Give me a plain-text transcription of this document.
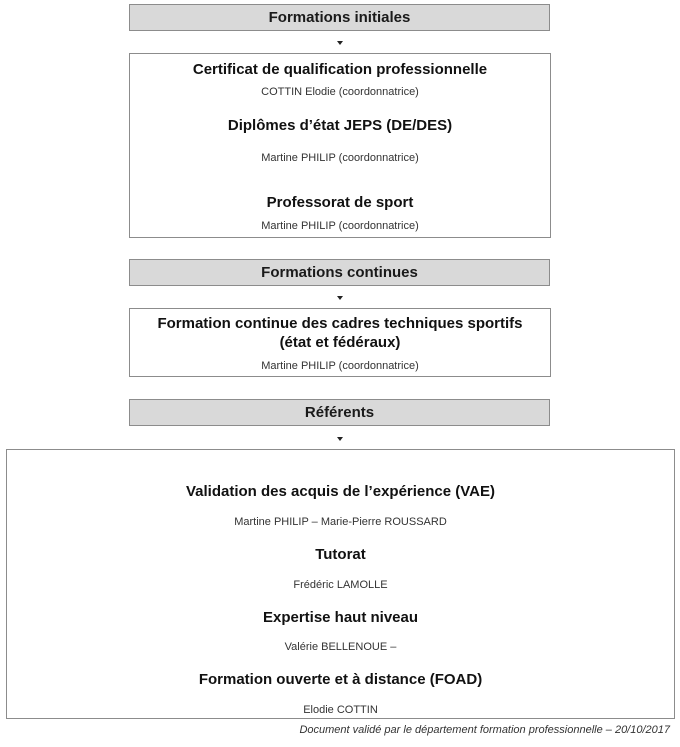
Formations initiales
Certificat de qualification professionnelle
COTTIN Elodie (coordonnatrice)
Diplômes d’état JEPS (DE/DES)
Martine PHILIP (coordonnatrice)
Professorat de sport
Martine PHILIP (coordonnatrice)
Formations continues
Formation continue des cadres techniques sportifs
(état et fédéraux)
Martine PHILIP (coordonnatrice)
Référents
Validation des acquis de l’expérience (VAE)
Martine PHILIP – Marie-Pierre ROUSSARD
Tutorat
Frédéric LAMOLLE
Expertise haut niveau
Valérie BELLENOUE –
Formation ouverte et à distance (FOAD)
Elodie COTTIN
Document validé par le département formation professionnelle – 20/10/2017
